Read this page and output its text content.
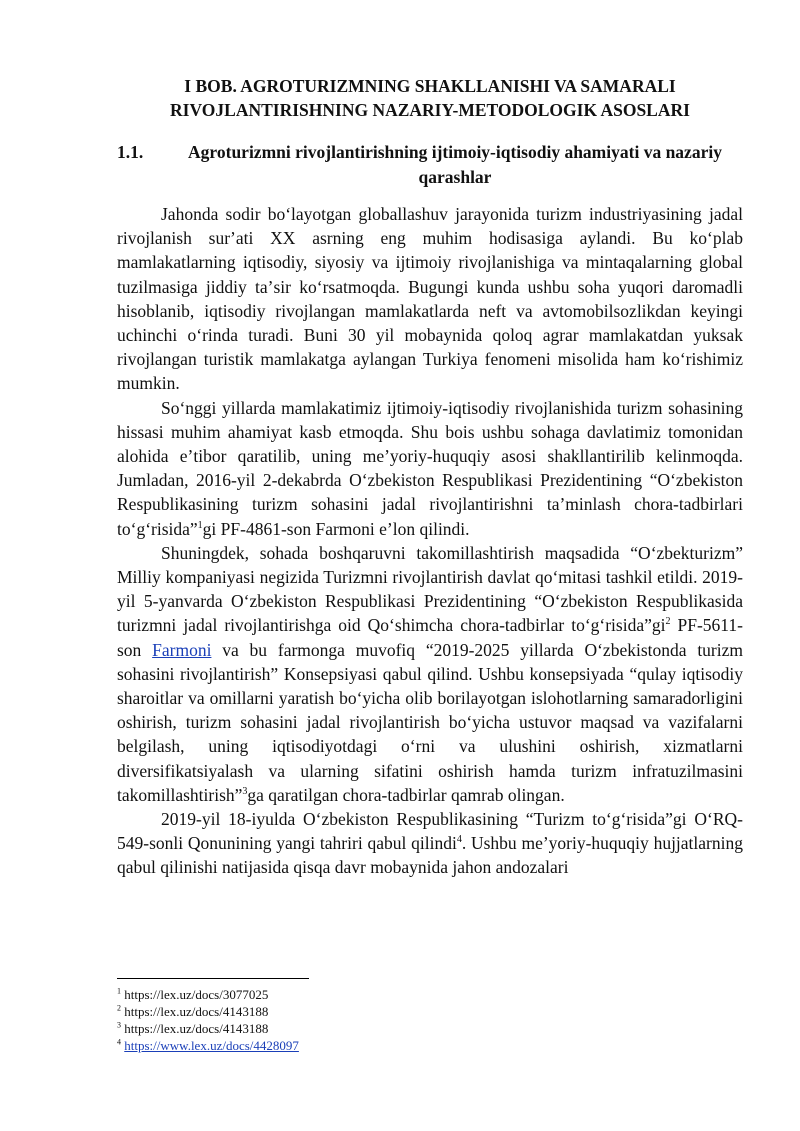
I BOB. AGROTURIZMNING SHAKLLANISHI VA SAMARALI
RIVOJLANTIRISHNING NAZARIY-METODOLOGIK ASOSLARI
1.1.	Agroturizmni rivojlantirishning ijtimoiy-iqtisodiy ahamiyati va nazariy qarashlar

Jahonda sodir boʻlayotgan globallashuv jarayonida turizm industriyasining jadal rivojlanish surʼati XX asrning eng muhim hodisasiga aylandi. Bu koʻplab mamlakatlarning iqtisodiy, siyosiy va ijtimoiy rivojlanishiga va mintaqalarning global tuzilmasiga jiddiy taʼsir koʻrsatmoqda. Bugungi kunda ushbu soha yuqori daromadli hisoblanib, iqtisodiy rivojlangan mamlakatlarda neft va avtomobilsozlikdan keyingi uchinchi oʻrinda turadi. Buni 30 yil mobaynida qoloq agrar mamlakatdan yuksak rivojlangan turistik mamlakatga aylangan Turkiya fenomeni misolida ham koʻrishimiz mumkin.

Soʻnggi yillarda mamlakatimiz ijtimoiy-iqtisodiy rivojlanishida turizm sohasining hissasi muhim ahamiyat kasb etmoqda. Shu bois ushbu sohaga davlatimiz tomonidan alohida eʼtibor qaratilib, uning meʼyoriy-huquqiy asosi shakllantirilib kelinmoqda. Jumladan, 2016-yil 2-dekabrda Oʻzbekiston Respublikasi Prezidentining “Oʻzbekiston Respublikasining turizm sohasini jadal rivojlantirishni taʼminlash chora-tadbirlari toʻgʻrisida”$^1$gi PF-4861-son Farmoni eʼlon qilindi.

Shuningdek, sohada boshqaruvni takomillashtirish maqsadida “Oʻzbekturizm” Milliy kompaniyasi negizida Turizmni rivojlantirish davlat qoʻmitasi tashkil etildi. 2019-yil 5-yanvarda Oʻzbekiston Respublikasi Prezidentining “Oʻzbekiston Respublikasida turizmni jadal rivojlantirishga oid Qoʻshimcha chora-tadbirlar $toʻgʻrisida”gi^2$ PF-5611-son Farmoni va bu farmonga muvofiq “2019-2025 yillarda Oʻzbekistonda turizm sohasini rivojlantirish” Konsepsiyasi qabul qilind. Ushbu konsepsiyada “qulay iqtisodiy sharoitlar va omillarni yaratish boʻyicha olib borilayotgan islohotlarning samaradorligini oshirish, turizm sohasini jadal rivojlantirish boʻyicha ustuvor maqsad va vazifalarni belgilash, uning iqtisodiyotdagi oʻrni va ulushini oshirish, xizmatlarni diversifikatsiyalash va ularning sifatini oshirish hamda turizm infratuzilmasini takomillashtirish”$^3$ga qaratilgan chora-tadbirlar qamrab olingan.

2019-yil 18-iyulda Oʻzbekiston Respublikasining “Turizm toʻgʻrisida”gi OʻRQ-549-sonli Qonunining yangi tahriri qabul qilindi$^4$. Ushbu meʼyoriy-huquqiy hujjatlarning qabul qilinishi natijasida qisqa davr mobaynida jahon andozalari

$^1$ https://lex.uz/docs/3077025

$^2$ https://lex.uz/docs/4143188

$^3$ https://lex.uz/docs/4143188

$^4$ https://www.lex.uz/docs/4428097
